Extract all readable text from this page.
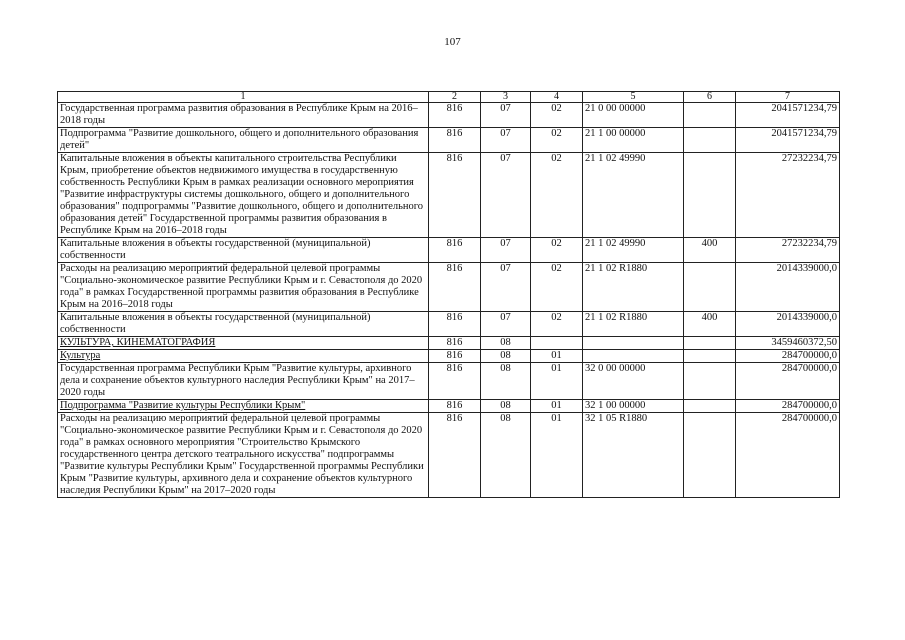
107
1	2	3	4	5	6	7
Государственная программа развития образования в Республике Крым на 2016–2018 годы	816	07	02	21 0 00 00000		2041571234,79
Подпрограмма "Развитие дошкольного, общего и дополнительного образования детей"	816	07	02	21 1 00 00000		2041571234,79
Капитальные вложения в объекты капитального строительства Республики Крым, приобретение объектов недвижимого имущества в государственную собственность Республики Крым в рамках реализации основного мероприятия "Развитие инфраструктуры системы дошкольного, общего и дополнительного образования" подпрограммы "Развитие дошкольного, общего и дополнительного образования детей" Государственной программы развития образования в Республике Крым на 2016–2018 годы	816	07	02	21 1 02 49990		27232234,79
Капитальные вложения в объекты государственной (муниципальной) собственности	816	07	02	21 1 02 49990	400	27232234,79
Расходы на реализацию мероприятий федеральной целевой программы "Социально-экономическое развитие Республики Крым и г. Севастополя до 2020 года" в рамках Государственной программы развития образования в Республике Крым на 2016–2018 годы	816	07	02	21 1 02 R1880		2014339000,0
Капитальные вложения в объекты государственной (муниципальной) собственности	816	07	02	21 1 02 R1880	400	2014339000,0
КУЛЬТУРА, КИНЕМАТОГРАФИЯ	816	08				3459460372,50
Культура	816	08	01			284700000,0
Государственная программа Республики Крым "Развитие культуры, архивного дела и сохранение объектов культурного наследия Республики Крым" на 2017–2020 годы	816	08	01	32 0 00 00000		284700000,0
Подпрограмма "Развитие культуры Республики Крым"	816	08	01	32 1 00 00000		284700000,0
Расходы на реализацию мероприятий федеральной целевой программы "Социально-экономическое развитие Республики Крым и г. Севастополя до 2020 года" в рамках основного мероприятия "Строительство Крымского государственного центра детского театрального искусства" подпрограммы "Развитие культуры Республики Крым" Государственной программы Республики Крым "Развитие культуры, архивного дела и сохранение объектов культурного наследия Республики Крым" на 2017–2020 годы	816	08	01	32 1 05 R1880		284700000,0
